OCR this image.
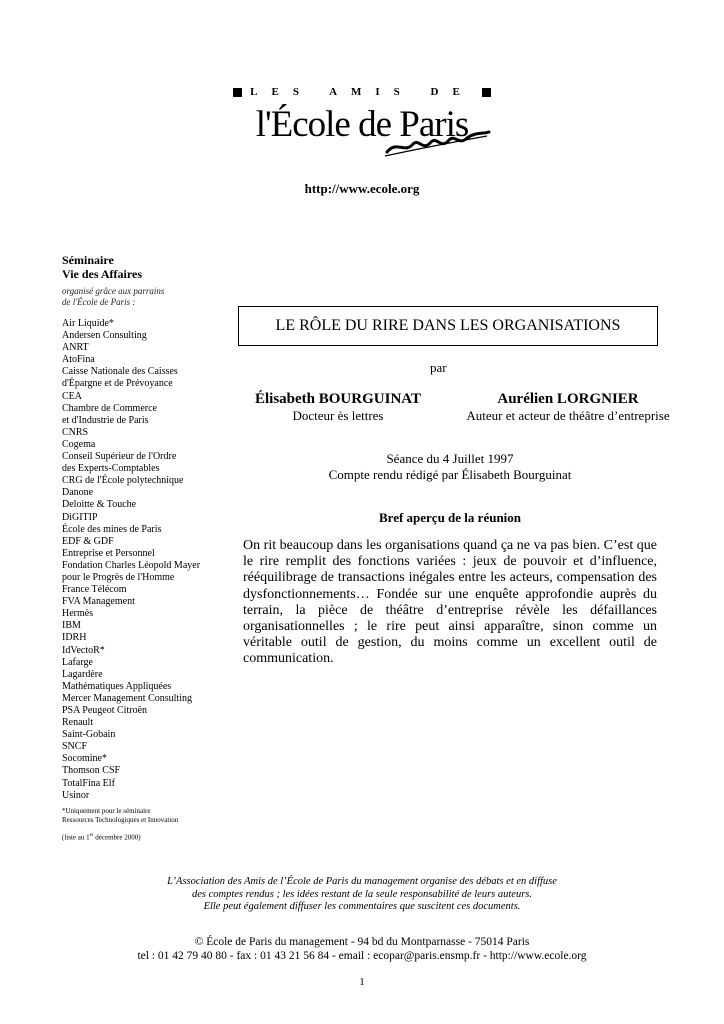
LES AMIS DE
l'École de Paris
http://www.ecole.org
Séminaire
Vie des Affaires
organisé grâce aux parrains
de l'École de Paris :
Air Liquide*
Andersen Consulting
ANRT
AtoFina
Caisse Nationale des Caisses
d'Épargne et de Prévoyance
CEA
Chambre de Commerce
et d'Industrie de Paris
CNRS
Cogema
Conseil Supérieur de l'Ordre
des Experts-Comptables
CRG de l'École polytechnique
Danone
Deloitte & Touche
DiGITIP
École des mines de Paris
EDF & GDF
Entreprise et Personnel
Fondation Charles Léopold Mayer
pour le Progrès de l'Homme
France Télécom
FVA Management
Hermès
IBM
IDRH
IdVectoR*
Lafarge
Lagardère
Mathématiques Appliquées
Mercer Management Consulting
PSA Peugeot Citroën
Renault
Saint-Gobain
SNCF
Socomine*
Thomson CSF
TotalFina Elf
Usinor
*Uniquement pour le séminaire
Ressources Technologiques et Innovation
(liste au 1er décembre 2000)
LE RÔLE DU RIRE DANS LES ORGANISATIONS
par
Élisabeth BOURGUINAT
Docteur ès lettres
Aurélien LORGNIER
Auteur et acteur de théâtre d’entreprise
Séance du 4 Juillet 1997
Compte rendu rédigé par Élisabeth Bourguinat
Bref aperçu de la réunion
On rit beaucoup dans les organisations quand ça ne va pas bien. C’est que le rire remplit des fonctions variées : jeux de pouvoir et d’influence, rééquilibrage de transactions inégales entre les acteurs, compensation des dysfonctionnements… Fondée sur une enquête approfondie auprès du terrain, la pièce de théâtre d’entreprise révèle les défaillances organisationnelles ; le rire peut ainsi apparaître, sinon comme un véritable outil de gestion, du moins comme un excellent outil de communication.
L’Association des Amis de l’École de Paris du management organise des débats et en diffuse
des comptes rendus ; les idées restant de la seule responsabilité de leurs auteurs.
Elle peut également diffuser les commentaires que suscitent ces documents.
© École de Paris du management - 94 bd du Montparnasse - 75014 Paris
tel : 01 42 79 40 80 - fax : 01 43 21 56 84 - email : ecopar@paris.ensmp.fr - http://www.ecole.org
1
